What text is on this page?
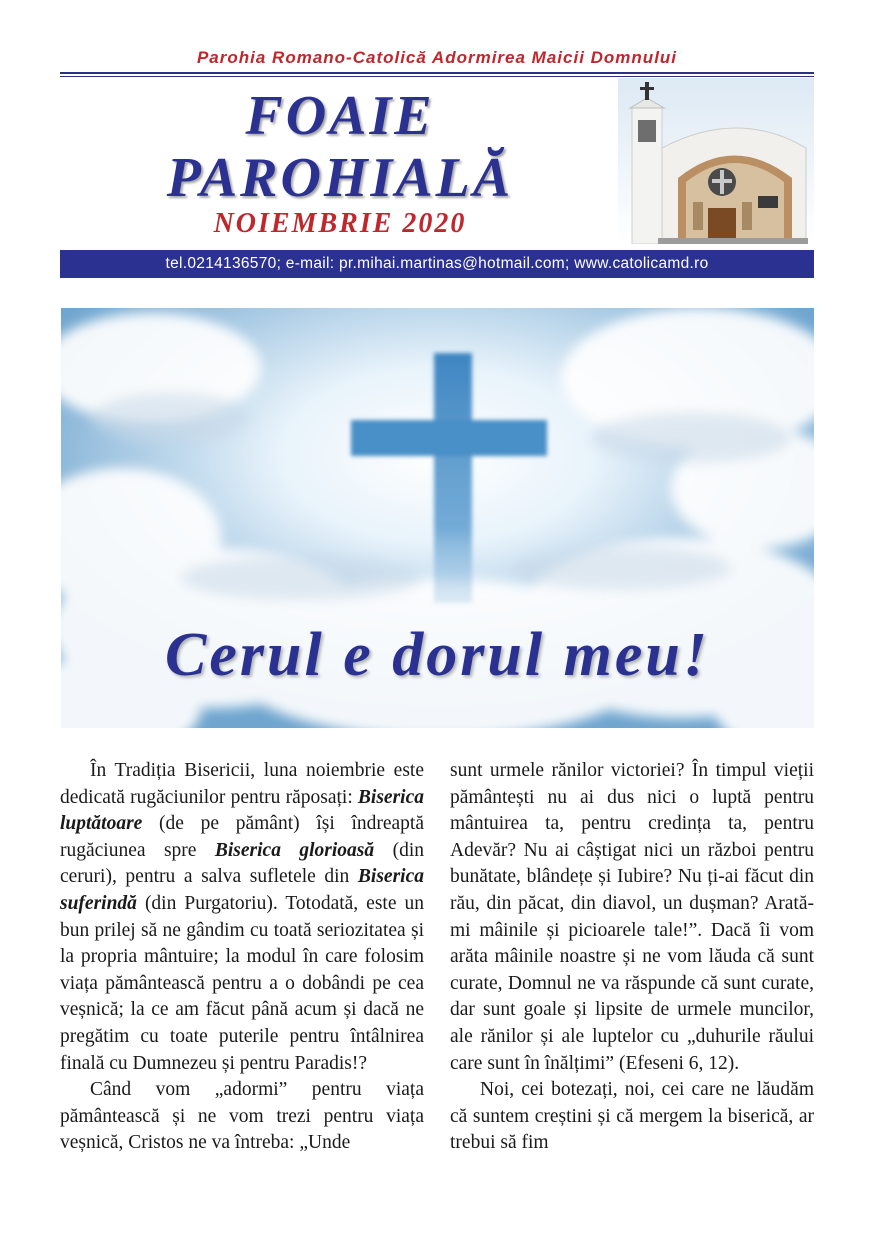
Parohia Romano-Catolică Adormirea Maicii Domnului
FOAIE
PAROHIALĂ
NOIEMBRIE 2020
tel.0214136570; e-mail: pr.mihai.martinas@hotmail.com; www.catolicamd.ro
Cerul e dorul meu!

În Tradiția Bisericii, luna noiembrie este dedicată rugăciunilor pentru răposați: Biserica luptătoare (de pe pământ) își îndreaptă rugăciunea spre Biserica glorioasă (din ceruri), pentru a salva sufletele din Biserica suferindă (din Purgatoriu). Totodată, este un bun prilej să ne gândim cu toată seriozitatea și la propria mântuire; la modul în care folosim viața pământească pentru a o dobândi pe cea veșnică; la ce am făcut până acum și dacă ne pregătim cu toate puterile pentru întâlnirea finală cu Dumnezeu și pentru Paradis!?

Când vom „adormi” pentru viața pământească și ne vom trezi pentru viața veșnică, Cristos ne va întreba: „Unde

sunt urmele rănilor victoriei? În timpul vieții pământești nu ai dus nici o luptă pentru mântuirea ta, pentru credința ta, pentru Adevăr? Nu ai câștigat nici un război pentru bunătate, blândețe și Iubire? Nu ți-ai făcut din rău, din păcat, din diavol, un dușman? Arată-mi mâinile și picioarele tale!”. Dacă îi vom arăta mâinile noastre și ne vom lăuda că sunt curate, Domnul ne va răspunde că sunt curate, dar sunt goale și lipsite de urmele muncilor, ale rănilor și ale luptelor cu „duhurile răului care sunt în înălțimi” (Efeseni 6, 12).

Noi, cei botezați, noi, cei care ne lăudăm că suntem creștini și că mergem la biserică, ar trebui să fim
